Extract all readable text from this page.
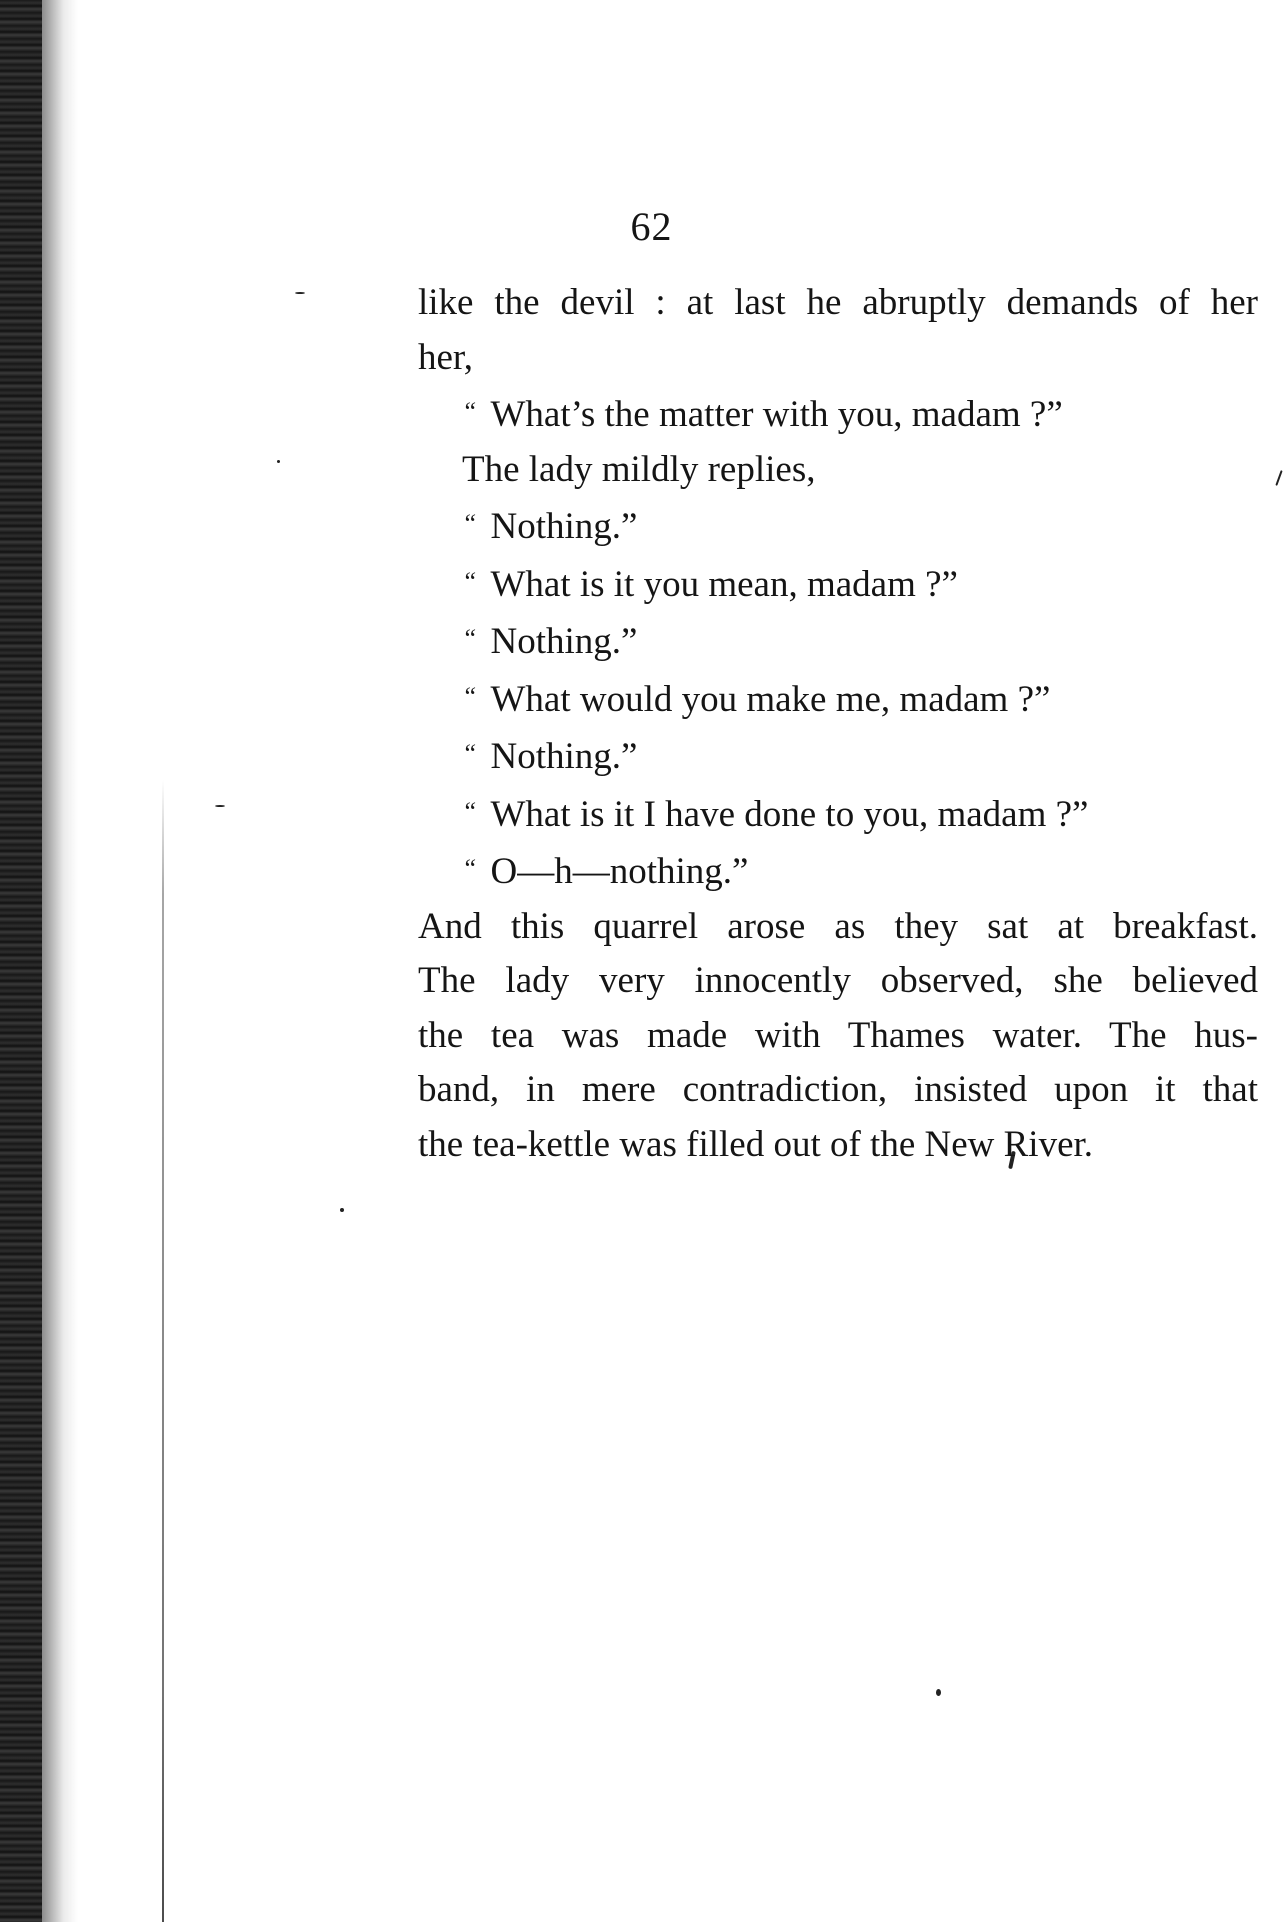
62
like the devil : at last he abruptly demands of her
her,
“ What’s the matter with you, madam ?”
The lady mildly replies,
“ Nothing.”
“ What is it you mean, madam ?”
“ Nothing.”
“ What would you make me, madam ?”
“ Nothing.”
“ What is it I have done to you, madam ?”
“ O—h—nothing.”
And this quarrel arose as they sat at breakfast.
The lady very innocently observed, she believed
the tea was made with Thames water. The hus-
band, in mere contradiction, insisted upon it that
the tea-kettle was filled out of the New River.
